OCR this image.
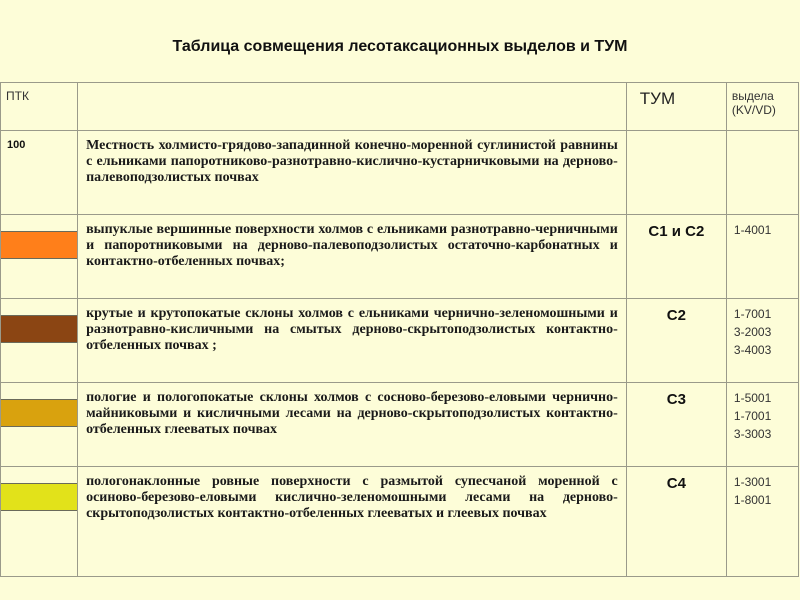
Таблица совмещения лесотаксационных выделов и ТУМ
ПТК		ТУМ	выдела (KV/VD)

100	Местность холмисто-грядово-западинной конечно-моренной суглинистой равнины с ельниками папоротниково-разнотравно-кисличнo-кустарничковыми на дерново-палевоподзолистых почвах		

	выпуклые вершинные поверхности холмов с ельниками разнотравно-черничными и папоротниковыми на дерново-палевоподзолистых остаточно-карбонатных и контактно-отбеленных почвах;	С1 и С2	1-4001

	крутые и крутопокатые склоны холмов с ельниками чернично-зеленомошными и разнотравно-кисличными на смытых дерново-скрытоподзолистых контактно-отбеленных почвах ;	С2	1-7001
3-2003
3-4003

	пологие и пологопокатые склоны холмов с сосново-березово-еловыми чернично-майниковыми и кисличными лесами на дерново-скрытоподзолистых контактно-отбеленных глееватых почвах	С3	1-5001
1-7001
3-3003

	пологонаклонные ровные поверхности с размытой супесчаной моренной с осиново-березово-еловыми кисличнo-зеленомошными лесами на дерново-скрытоподзолистых контактно-отбеленных глееватых и глеевых почвах	С4	1-3001
1-8001
